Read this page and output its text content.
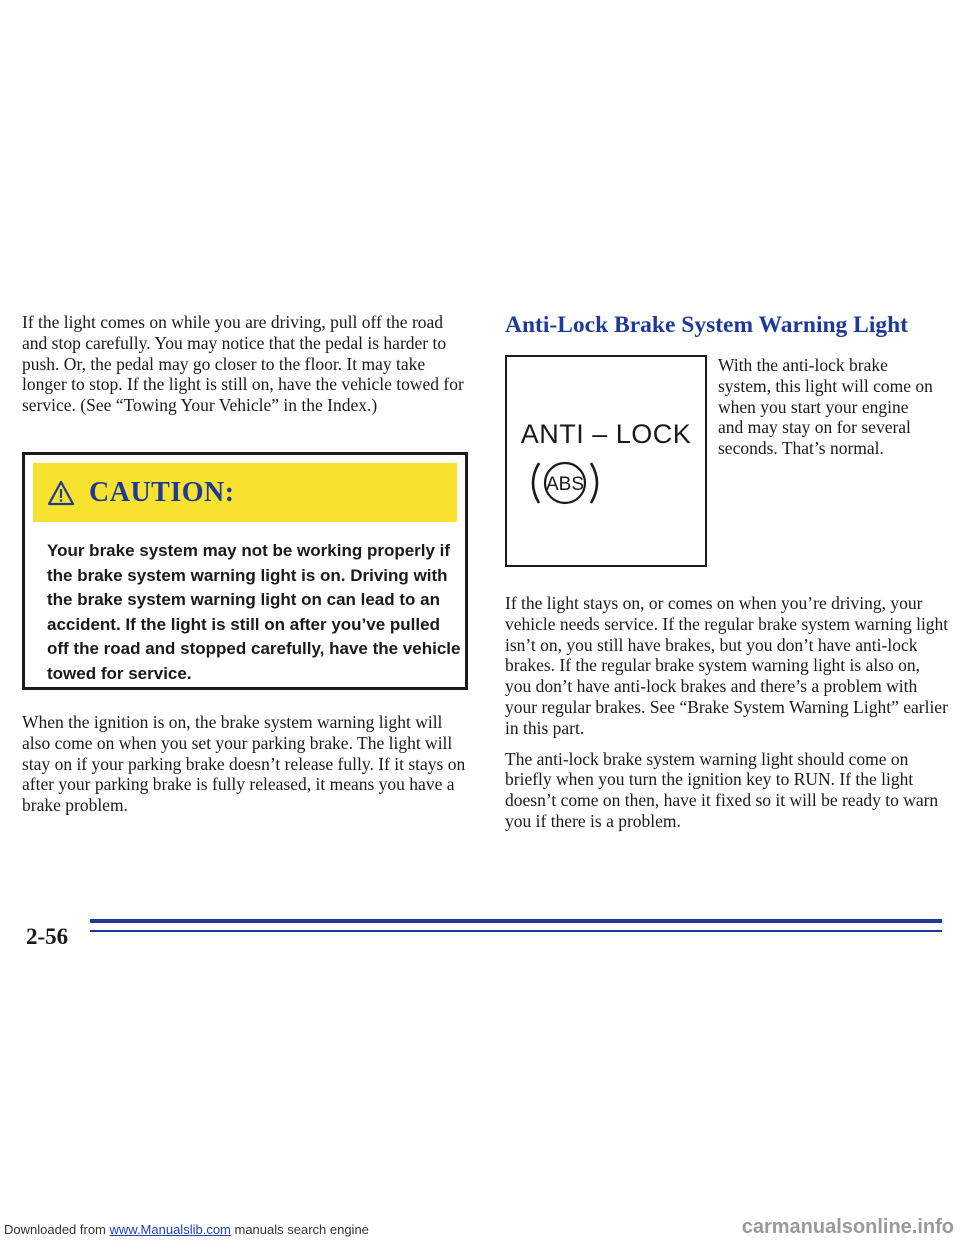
If the light comes on while you are driving, pull off the road and stop carefully. You may notice that the pedal is harder to push. Or, the pedal may go closer to the floor. It may take longer to stop. If the light is still on, have the vehicle towed for service. (See “Towing Your Vehicle” in the Index.)

CAUTION:
Your brake system may not be working properly if the brake system warning light is on. Driving with the brake system warning light on can lead to an accident. If the light is still on after you’ve pulled off the road and stopped carefully, have the vehicle towed for service.

When the ignition is on, the brake system warning light will also come on when you set your parking brake. The light will stay on if your parking brake doesn’t release fully. If it stays on after your parking brake is fully released, it means you have a brake problem.

Anti-Lock Brake System Warning Light
ANTI – LOCK
ABS

With the anti-lock brake system, this light will come on when you start your engine and may stay on for several seconds. That’s normal.

If the light stays on, or comes on when you’re driving, your vehicle needs service. If the regular brake system warning light isn’t on, you still have brakes, but you don’t have anti-lock brakes. If the regular brake system warning light is also on, you don’t have anti-lock brakes and there’s a problem with your regular brakes. See “Brake System Warning Light” earlier in this part.

The anti-lock brake system warning light should come on briefly when you turn the ignition key to RUN. If the light doesn’t come on then, have it fixed so it will be ready to warn you if there is a problem.

2-56
Downloaded from www.Manualslib.com manuals search engine	carmanualsonline.info
